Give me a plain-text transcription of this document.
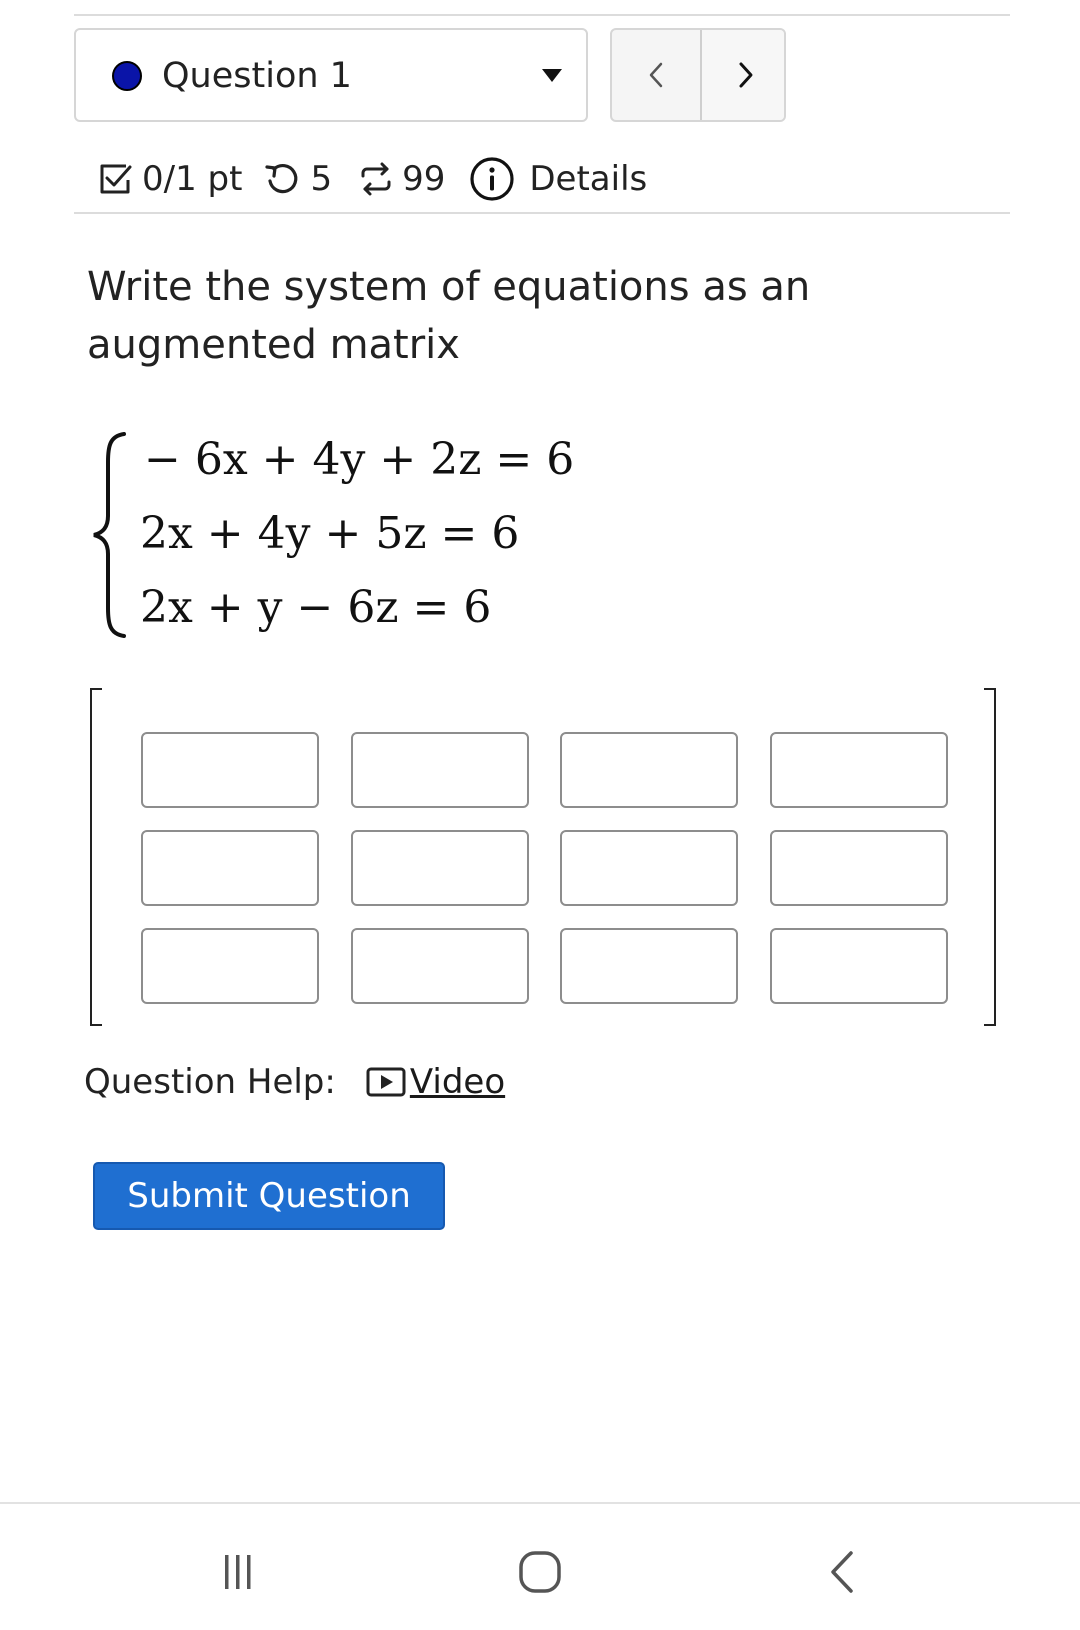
Question 1
0/1 pt 5 99 Details
Write the system of equations as an augmented matrix
− 6x + 4y + 2z = 6
2x + 4y + 5z = 6
2x + y − 6z = 6
Question Help: Video
Submit Question
